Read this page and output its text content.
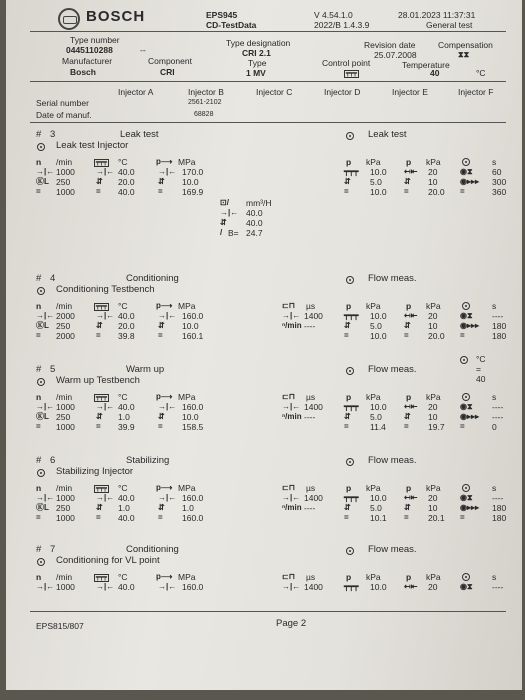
BOSCH	EPS945
CD-TestData
V 4.54.1.0
2022/B 1.4.3.9
28.01.2023 11:37:31
General test
Type number
0445110288	--
Manufacturer
Bosch
Component
CRI
Type designation
CRI 2.1
Type
1 MV
Revision date
25.07.2008
Control point
┯┯┯
Compensation
⧗⧗
Temperature
40	°C
Injector A	Injector B	Injector C	Injector D	Injector E	Injector F
Serial number	2561-2102
Date of manuf.	68828
# 3	Leak test
Leak test Injector
Leak test
n /min	┯┯┯ °C	p⟶ MPa
→|← 1000	→|← 40.0	→|← 170.0
ⓀL 250	⇵ 20.0	⇵ 10.0
= 1000	= 40.0	= 169.9
p kPa	p kPa	s
┯┯┯ 10.0 ↤⇤ 20	◉⧗ 60
⇵ 5.0	⇵ 10	◉▸▸▸ 300
=	10.0 = 20.0 =	360
⊡/ mm³/H
→|← 40.0
⇵ 40.0
/ B= 24.7
# 4	Conditioning
Conditioning Testbench
Flow meas.
n /min	┯┯┯ °C	p⟶ MPa
→|← 2000	→|← 40.0	→|← 160.0
ⓀL 250	⇵ 20.0	⇵ 10.0
= 2000	= 39.8	= 160.1
⊏⊓ µs
→|← 1400
ⁿ/min ----
p kPa	p kPa	s
┯┯┯ 10.0 ↤⇤ 20	◉⧗ ----
⇵ 5.0	⇵ 10	◉▸▸▸ 180
=	10.0 = 20.0 =	180
# 5	Warm up
Warm up Testbench
Flow meas.
n /min	┯┯┯ °C	p⟶ MPa
→|← 1000	→|← 40.0	→|← 160.0
ⓀL 250	⇵ 1.0	⇵ 10.0
= 1000	= 39.9	= 158.5
⊏⊓ µs
→|← 1400
ⁿ/min ----
p kPa	p kPa	s
┯┯┯ 10.0 ↤⇤ 20	◉⧗ ----
⇵ 5.0	⇵ 10	◉▸▸▸ ----
=	11.4 = 19.7 =	0
°C
=
40
# 6	Stabilizing
Stabilizing Injector
Flow meas.
n /min	┯┯┯ °C	p⟶ MPa
→|← 1000	→|← 40.0	→|← 160.0
ⓀL 250	⇵ 1.0	⇵ 1.0
= 1000	= 40.0	= 160.0
⊏⊓ µs
→|← 1400
ⁿ/min ----
p kPa	p kPa	s
┯┯┯ 10.0 ↤⇤ 20	◉⧗ ----
⇵ 5.0	⇵ 10	◉▸▸▸ 180
=	10.1 = 20.1 =	180
# 7	Conditioning
Conditioning for VL point
Flow meas.
n /min	┯┯┯ °C	p⟶ MPa
→|← 1000	→|← 40.0	→|← 160.0
⊏⊓ µs
→|← 1400
p kPa	p kPa	s
┯┯┯ 10.0 ↤⇤ 20	◉⧗ ----
EPS815/807	Page 2
